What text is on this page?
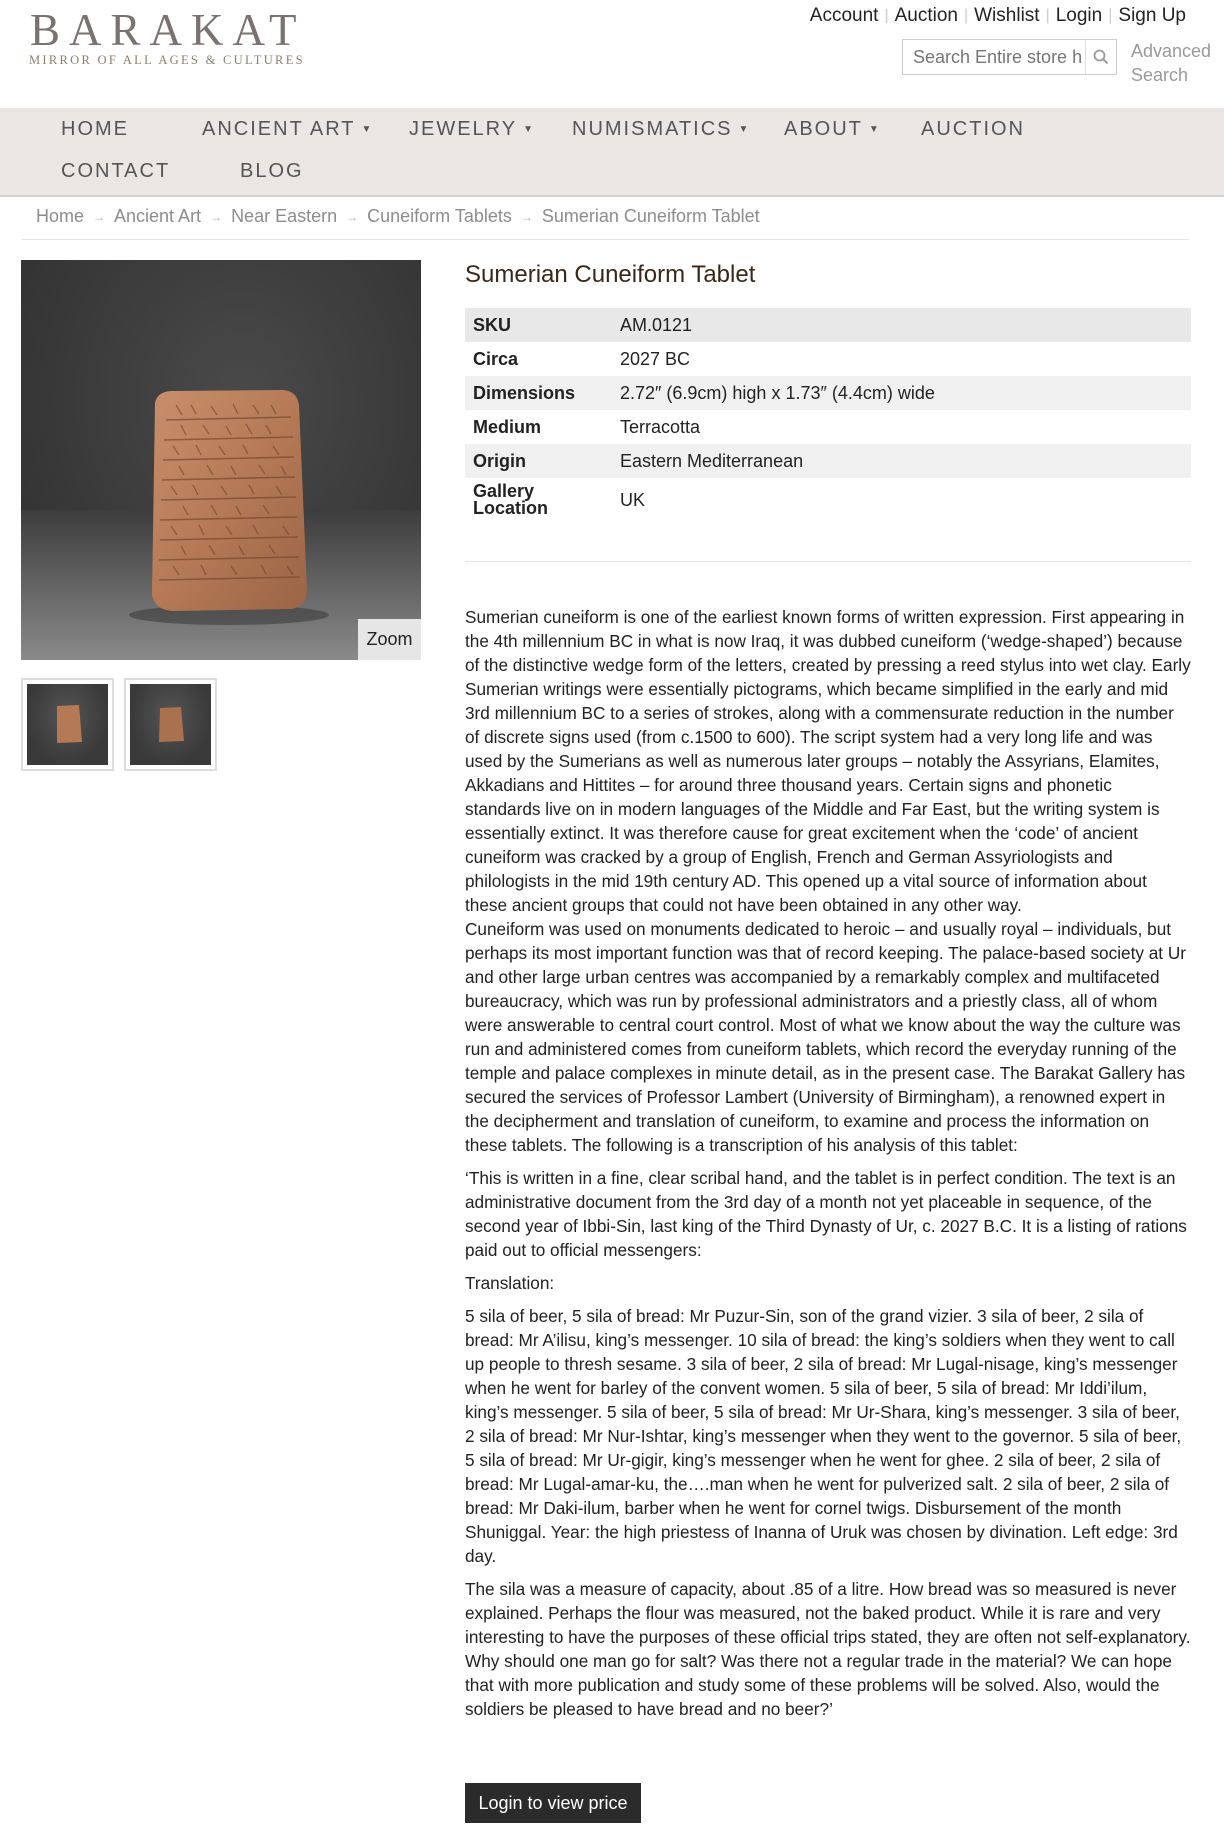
BARAKAT
MIRROR OF ALL AGES & CULTURES
Account | Auction | Wishlist | Login | Sign Up
Search Entire store here...
Advanced Search
HOME	ANCIENT ART ▼ JEWELRY ▼ NUMISMATICS ▼ ABOUT ▼ AUCTION
CONTACT	BLOG
Home → Ancient Art → Near Eastern → Cuneiform Tablets → Sumerian Cuneiform Tablet
Zoom
Sumerian Cuneiform Tablet
SKU	AM.0121
Circa	2027 BC
Dimensions	2.72″ (6.9cm) high x 1.73″ (4.4cm) wide
Medium	Terracotta
Origin	Eastern Mediterranean
Gallery Location	UK

Sumerian cuneiform is one of the earliest known forms of written expression. First appearing in the 4th millennium BC in what is now Iraq, it was dubbed cuneiform (‘wedge-shaped’) because of the distinctive wedge form of the letters, created by pressing a reed stylus into wet clay. Early Sumerian writings were essentially pictograms, which became simplified in the early and mid 3rd millennium BC to a series of strokes, along with a commensurate reduction in the number of discrete signs used (from c.1500 to 600). The script system had a very long life and was used by the Sumerians as well as numerous later groups – notably the Assyrians, Elamites, Akkadians and Hittites – for around three thousand years. Certain signs and phonetic standards live on in modern languages of the Middle and Far East, but the writing system is essentially extinct. It was therefore cause for great excitement when the ‘code’ of ancient cuneiform was cracked by a group of English, French and German Assyriologists and philologists in the mid 19th century AD. This opened up a vital source of information about these ancient groups that could not have been obtained in any other way.

Cuneiform was used on monuments dedicated to heroic – and usually royal – individuals, but perhaps its most important function was that of record keeping. The palace-based society at Ur and other large urban centres was accompanied by a remarkably complex and multifaceted bureaucracy, which was run by professional administrators and a priestly class, all of whom were answerable to central court control. Most of what we know about the way the culture was run and administered comes from cuneiform tablets, which record the everyday running of the temple and palace complexes in minute detail, as in the present case. The Barakat Gallery has secured the services of Professor Lambert (University of Birmingham), a renowned expert in the decipherment and translation of cuneiform, to examine and process the information on these tablets. The following is a transcription of his analysis of this tablet:

‘This is written in a fine, clear scribal hand, and the tablet is in perfect condition. The text is an administrative document from the 3rd day of a month not yet placeable in sequence, of the second year of Ibbi-Sin, last king of the Third Dynasty of Ur, c. 2027 B.C. It is a listing of rations paid out to official messengers:

Translation:

5 sila of beer, 5 sila of bread: Mr Puzur-Sin, son of the grand vizier. 3 sila of beer, 2 sila of bread: Mr A’ilisu, king’s messenger. 10 sila of bread: the king’s soldiers when they went to call up people to thresh sesame. 3 sila of beer, 2 sila of bread: Mr Lugal-nisage, king’s messenger when he went for barley of the convent women. 5 sila of beer, 5 sila of bread: Mr Iddi’ilum, king’s messenger. 5 sila of beer, 5 sila of bread: Mr Ur-Shara, king’s messenger. 3 sila of beer, 2 sila of bread: Mr Nur-Ishtar, king’s messenger when they went to the governor. 5 sila of beer, 5 sila of bread: Mr Ur-gigir, king’s messenger when he went for ghee. 2 sila of beer, 2 sila of bread: Mr Lugal-amar-ku, the….man when he went for pulverized salt. 2 sila of beer, 2 sila of bread: Mr Daki-ilum, barber when he went for cornel twigs. Disbursement of the month Shuniggal. Year: the high priestess of Inanna of Uruk was chosen by divination. Left edge: 3rd day.

The sila was a measure of capacity, about .85 of a litre. How bread was so measured is never explained. Perhaps the flour was measured, not the baked product. While it is rare and very interesting to have the purposes of these official trips stated, they are often not self-explanatory. Why should one man go for salt? Was there not a regular trade in the material? We can hope that with more publication and study some of these problems will be solved. Also, would the soldiers be pleased to have bread and no beer?’

Login to view price
